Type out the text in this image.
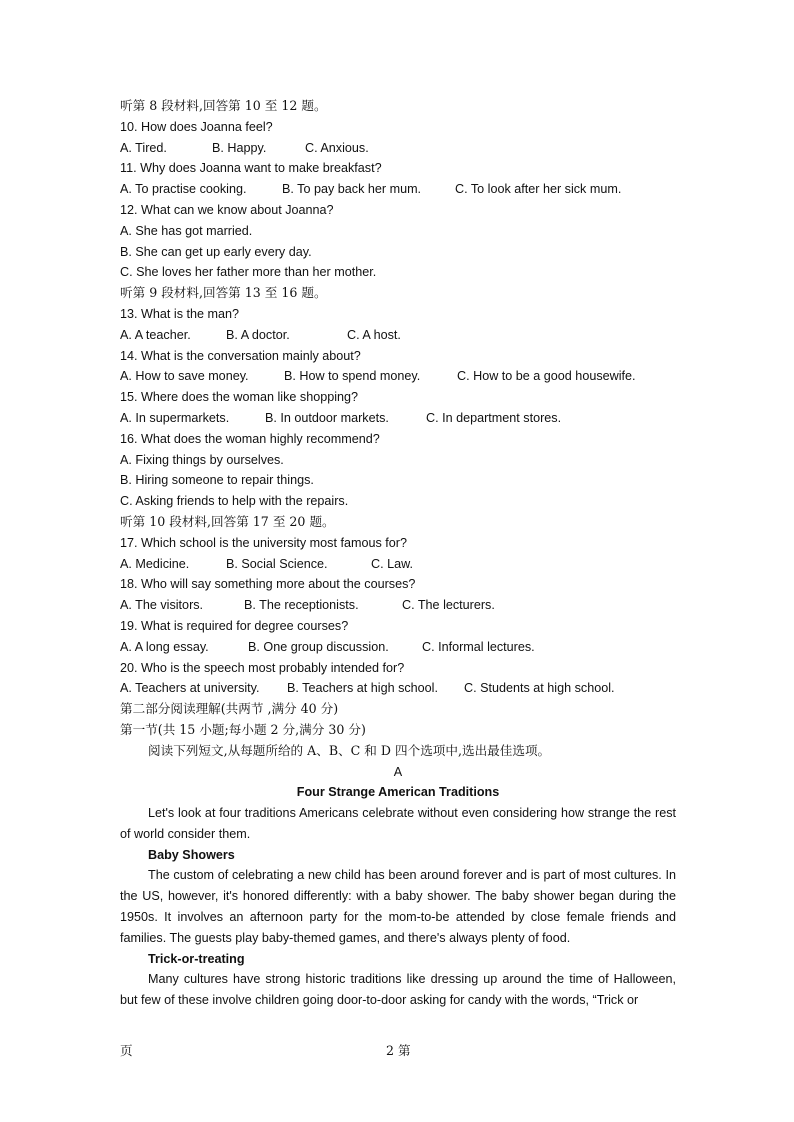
听第 8 段材料,回答第 10 至 12 题。
10. How does Joanna feel?
A. Tired.	B. Happy.	C. Anxious.
11. Why does Joanna want to make breakfast?
A. To practise cooking.	B. To pay back her mum.	C. To look after her sick mum.
12. What can we know about Joanna?
A. She has got married.
B. She can get up early every day.
C. She loves her father more than her mother.
听第 9 段材料,回答第 13 至 16 题。
13. What is the man?
A. A teacher.	B. A doctor.	C. A host.
14. What is the conversation mainly about?
A. How to save money.	B. How to spend money.	C. How to be a good housewife.
15. Where does the woman like shopping?
A. In supermarkets.	B. In outdoor markets.	C. In department stores.
16. What does the woman highly recommend?
A. Fixing things by ourselves.
B. Hiring someone to repair things.
C. Asking friends to help with the repairs.
听第 10 段材料,回答第 17 至 20 题。
17. Which school is the university most famous for?
A. Medicine.	B. Social Science.	C. Law.
18. Who will say something more about the courses?
A. The visitors.	B. The receptionists.	C. The lecturers.
19. What is required for degree courses?
A. A long essay.	B. One group discussion.	C. Informal lectures.
20. Who is the speech most probably intended for?
A. Teachers at university. B. Teachers at high school. C. Students at high school.
第二部分阅读理解(共两节 ,满分 40 分)
第一节(共 15 小题;每小题 2 分,满分 30 分)
阅读下列短文,从每题所给的 A、B、C 和 D 四个选项中,选出最佳选项。
A
Four Strange American Traditions
Let's look at four traditions Americans celebrate without even considering how strange the rest of world consider them.
Baby Showers
The custom of celebrating a new child has been around forever and is part of most cultures. In the US, however, it's honored differently: with a baby shower. The baby shower began during the 1950s. It involves an afternoon party for the mom-to-be attended by close female friends and families. The guests play baby-themed games, and there's always plenty of food.
Trick-or-treating
Many cultures have strong historic traditions like dressing up around the time of Halloween, but few of these involve children going door-to-door asking for candy with the words, “Trick or
页	2 第
